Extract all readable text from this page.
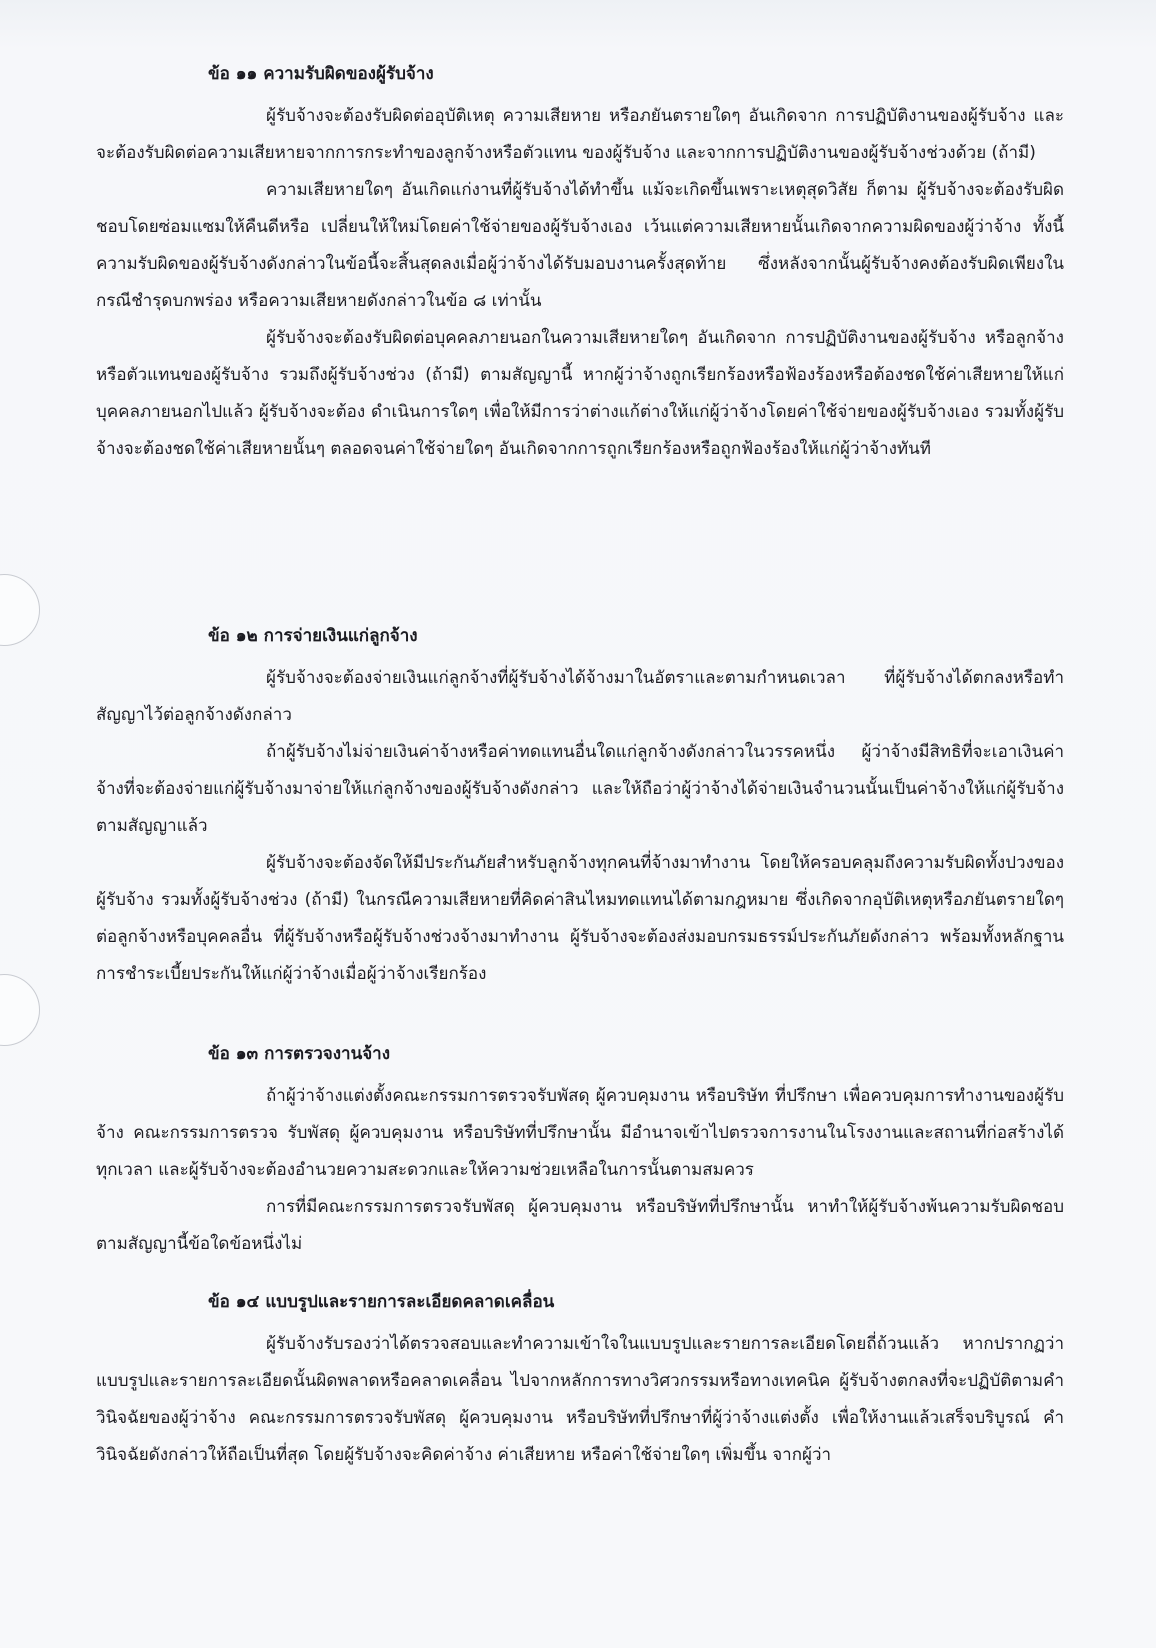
ข้อ ๑๑ ความรับผิดของผู้รับจ้าง

ผู้รับจ้างจะต้องรับผิดต่ออุบัติเหตุ ความเสียหาย หรือภยันตรายใดๆ อันเกิดจาก การปฏิบัติงานของผู้รับจ้าง และจะต้องรับผิดต่อความเสียหายจากการกระทำของลูกจ้างหรือตัวแทน ของผู้รับจ้าง และจากการปฏิบัติงานของผู้รับจ้างช่วงด้วย (ถ้ามี)

ความเสียหายใดๆ อันเกิดแก่งานที่ผู้รับจ้างได้ทำขึ้น แม้จะเกิดขึ้นเพราะเหตุสุดวิสัย ก็ตาม ผู้รับจ้างจะต้องรับผิดชอบโดยซ่อมแซมให้คืนดีหรือ เปลี่ยนให้ใหม่โดยค่าใช้จ่ายของผู้รับจ้างเอง เว้นแต่ความเสียหายนั้นเกิดจากความผิดของผู้ว่าจ้าง ทั้งนี้ ความรับผิดของผู้รับจ้างดังกล่าวในข้อนี้จะสิ้นสุดลงเมื่อผู้ว่าจ้างได้รับมอบงานครั้งสุดท้าย ซึ่งหลังจากนั้นผู้รับจ้างคงต้องรับผิดเพียงในกรณีชำรุดบกพร่อง หรือความเสียหายดังกล่าวในข้อ ๘ เท่านั้น

ผู้รับจ้างจะต้องรับผิดต่อบุคคลภายนอกในความเสียหายใดๆ อันเกิดจาก การปฏิบัติงานของผู้รับจ้าง หรือลูกจ้างหรือตัวแทนของผู้รับจ้าง รวมถึงผู้รับจ้างช่วง (ถ้ามี) ตามสัญญานี้ หากผู้ว่าจ้างถูกเรียกร้องหรือฟ้องร้องหรือต้องชดใช้ค่าเสียหายให้แก่บุคคลภายนอกไปแล้ว ผู้รับจ้างจะต้อง ดำเนินการใดๆ เพื่อให้มีการว่าต่างแก้ต่างให้แก่ผู้ว่าจ้างโดยค่าใช้จ่ายของผู้รับจ้างเอง รวมทั้งผู้รับจ้างจะต้องชดใช้ค่าเสียหายนั้นๆ ตลอดจนค่าใช้จ่ายใดๆ อันเกิดจากการถูกเรียกร้องหรือถูกฟ้องร้องให้แก่ผู้ว่าจ้างทันที

ข้อ ๑๒ การจ่ายเงินแก่ลูกจ้าง

ผู้รับจ้างจะต้องจ่ายเงินแก่ลูกจ้างที่ผู้รับจ้างได้จ้างมาในอัตราและตามกำหนดเวลา ที่ผู้รับจ้างได้ตกลงหรือทำสัญญาไว้ต่อลูกจ้างดังกล่าว

ถ้าผู้รับจ้างไม่จ่ายเงินค่าจ้างหรือค่าทดแทนอื่นใดแก่ลูกจ้างดังกล่าวในวรรคหนึ่ง ผู้ว่าจ้างมีสิทธิที่จะเอาเงินค่าจ้างที่จะต้องจ่ายแก่ผู้รับจ้างมาจ่ายให้แก่ลูกจ้างของผู้รับจ้างดังกล่าว และให้ถือว่าผู้ว่าจ้างได้จ่ายเงินจำนวนนั้นเป็นค่าจ้างให้แก่ผู้รับจ้างตามสัญญาแล้ว

ผู้รับจ้างจะต้องจัดให้มีประกันภัยสำหรับลูกจ้างทุกคนที่จ้างมาทำงาน โดยให้ครอบคลุมถึงความรับผิดทั้งปวงของผู้รับจ้าง รวมทั้งผู้รับจ้างช่วง (ถ้ามี) ในกรณีความเสียหายที่คิดค่าสินไหมทดแทนได้ตามกฎหมาย ซึ่งเกิดจากอุบัติเหตุหรือภยันตรายใดๆ ต่อลูกจ้างหรือบุคคลอื่น ที่ผู้รับจ้างหรือผู้รับจ้างช่วงจ้างมาทำงาน ผู้รับจ้างจะต้องส่งมอบกรมธรรม์ประกันภัยดังกล่าว พร้อมทั้งหลักฐานการชำระเบี้ยประกันให้แก่ผู้ว่าจ้างเมื่อผู้ว่าจ้างเรียกร้อง

ข้อ ๑๓ การตรวจงานจ้าง

ถ้าผู้ว่าจ้างแต่งตั้งคณะกรรมการตรวจรับพัสดุ ผู้ควบคุมงาน หรือบริษัท ที่ปรึกษา เพื่อควบคุมการทำงานของผู้รับจ้าง คณะกรรมการตรวจ รับพัสดุ ผู้ควบคุมงาน หรือบริษัทที่ปรึกษานั้น มีอำนาจเข้าไปตรวจการงานในโรงงานและสถานที่ก่อสร้างได้ทุกเวลา และผู้รับจ้างจะต้องอำนวยความสะดวกและให้ความช่วยเหลือในการนั้นตามสมควร

การที่มีคณะกรรมการตรวจรับพัสดุ ผู้ควบคุมงาน หรือบริษัทที่ปรึกษานั้น หาทำให้ผู้รับจ้างพ้นความรับผิดชอบตามสัญญานี้ข้อใดข้อหนึ่งไม่

ข้อ ๑๔ แบบรูปและรายการละเอียดคลาดเคลื่อน

ผู้รับจ้างรับรองว่าได้ตรวจสอบและทำความเข้าใจในแบบรูปและรายการละเอียดโดยถี่ถ้วนแล้ว หากปรากฏว่าแบบรูปและรายการละเอียดนั้นผิดพลาดหรือคลาดเคลื่อน ไปจากหลักการทางวิศวกรรมหรือทางเทคนิค ผู้รับจ้างตกลงที่จะปฏิบัติตามคำวินิจฉัยของผู้ว่าจ้าง คณะกรรมการตรวจรับพัสดุ ผู้ควบคุมงาน หรือบริษัทที่ปรึกษาที่ผู้ว่าจ้างแต่งตั้ง เพื่อให้งานแล้วเสร็จบริบูรณ์ คำวินิจฉัยดังกล่าวให้ถือเป็นที่สุด โดยผู้รับจ้างจะคิดค่าจ้าง ค่าเสียหาย หรือค่าใช้จ่ายใดๆ เพิ่มขึ้น จากผู้ว่า
